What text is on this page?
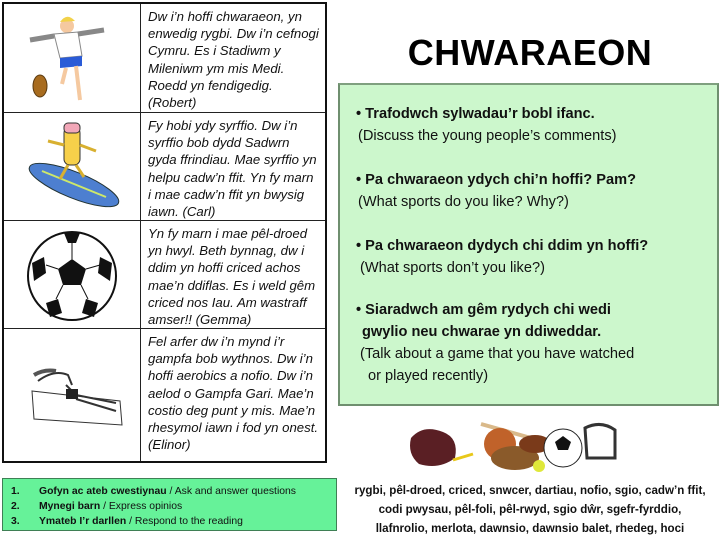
Dw i’n hoffi chwaraeon, yn enwedig rygbi. Dw i’n cefnogi Cymru. Es i Stadiwm y Mileniwm ym mis Medi. Roedd yn fendigedig. (Robert)
Fy hobi ydy syrffio. Dw i’n syrffio bob dydd Sadwrn gyda ffrindiau. Mae syrffio yn helpu cadw’n ffit. Yn fy marn i mae cadw’n ffit yn bwysig iawn. (Carl)
Yn fy marn i mae pêl-droed yn hwyl. Beth bynnag, dw i ddim yn hoffi criced achos mae’n ddiflas. Es i weld gêm criced nos Iau. Am wastraff amser!! (Gemma)
Fel arfer dw i’n mynd i’r gampfa bob wythnos. Dw i’n hoffi aerobics a nofio. Dw i’n aelod o Gampfa Gari. Mae’n costio deg punt y mis. Mae’n rhesymol iawn i fod yn onest. (Elinor)
CHWARAEON
• Trafodwch sylwadau’r bobl ifanc.
(Discuss the young people’s comments)
• Pa chwaraeon ydych chi’n hoffi? Pam?
(What sports do you like? Why?)
• Pa chwaraeon dydych chi ddim yn hoffi?
(What sports don’t you like?)
• Siaradwch am gêm rydych chi wedi
gwylio neu chwarae yn ddiweddar.
(Talk about a game that you have watched
or played recently)
1.	Gofyn ac ateb cwestiynau / Ask and answer questions
2.	Mynegi barn / Express opinios
3.	Ymateb I’r darllen / Respond to the reading
rygbi, pêl-droed, criced, snwcer, dartiau, nofio, sgio, cadw’n ffit,
codi pwysau, pêl-foli, pêl-rwyd, sgio dŵr, sgefr-fyrddio,
llafnrolio, merlota, dawnsio, dawnsio balet, rhedeg, hoci
